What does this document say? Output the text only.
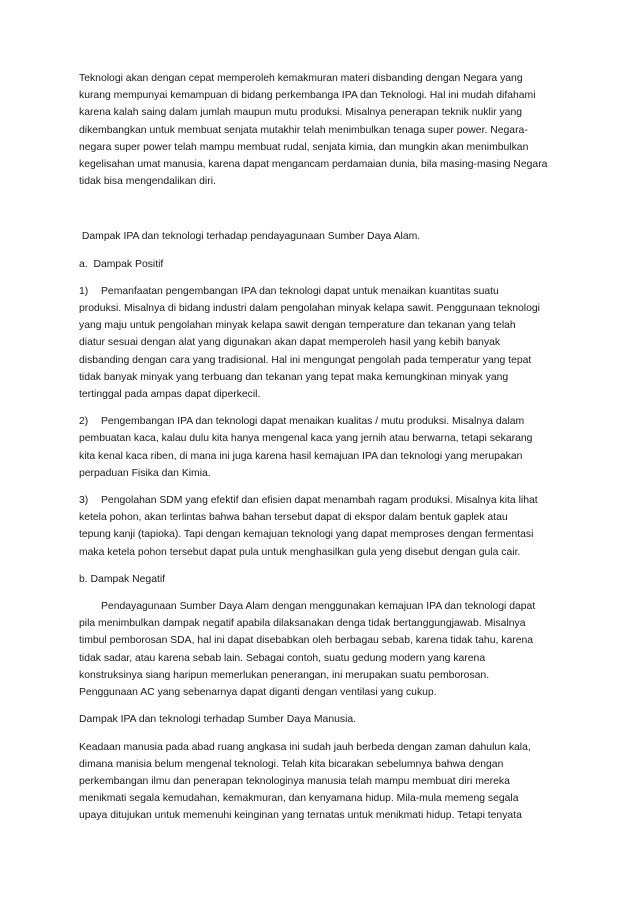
Teknologi akan dengan cepat memperoleh kemakmuran materi disbanding dengan Negara yang
kurang mempunyai kemampuan di bidang perkembanga IPA dan Teknologi. Hal ini mudah difahami
karena kalah saing dalam jumlah maupun mutu produksi. Misalnya penerapan teknik nuklir yang
dikembangkan untuk membuat senjata mutakhir telah menimbulkan tenaga super power. Negara-
negara super power telah mampu membuat rudal, senjata kimia, dan mungkin akan menimbulkan
kegelisahan umat manusia, karena dapat mengancam perdamaian dunia, bila masing-masing Negara
tidak bisa mengendalikan diri.
Dampak IPA dan teknologi terhadap pendayagunaan Sumber Daya Alam.
a.  Dampak Positif
1) Pemanfaatan pengembangan IPA dan teknologi dapat untuk menaikan kuantitas suatu
produksi. Misalnya di bidang industri dalam pengolahan minyak kelapa sawit. Penggunaan teknologi
yang maju untuk pengolahan minyak kelapa sawit dengan temperature dan tekanan yang telah
diatur sesuai dengan alat yang digunakan akan dapat memperoleh hasil yang kebih banyak
disbanding dengan cara yang tradisional. Hal ini mengungat pengolah pada temperatur yang tepat
tidak banyak minyak yang terbuang dan tekanan yang tepat maka kemungkinan minyak yang
tertinggal pada ampas dapat diperkecil.
2) Pengembangan IPA dan teknologi dapat menaikan kualitas / mutu produksi. Misalnya dalam
pembuatan kaca, kalau dulu kita hanya mengenal kaca yang jernih atau berwarna, tetapi sekarang
kita kenal kaca riben, di mana ini juga karena hasil kemajuan IPA dan teknologi yang merupakan
perpaduan Fisika dan Kimia.
3) Pengolahan SDM yang efektif dan efisien dapat menambah ragam produksi. Misalnya kita lihat
ketela pohon, akan terlintas bahwa bahan tersebut dapat di ekspor dalam bentuk gaplek atau
tepung kanji (tapioka). Tapi dengan kemajuan teknologi yang dapat memproses dengan fermentasi
maka ketela pohon tersebut dapat pula untuk menghasilkan gula yeng disebut dengan gula cair.
b. Dampak Negatif
Pendayagunaan Sumber Daya Alam dengan menggunakan kemajuan IPA dan teknologi dapat
pila menimbulkan dampak negatif apabila dilaksanakan denga tidak bertanggungjawab. Misalnya
timbul pemborosan SDA, hal ini dapat disebabkan oleh berbagau sebab, karena tidak tahu, karena
tidak sadar, atau karena sebab lain. Sebagai contoh, suatu gedung modern yang karena
konstruksinya siang haripun memerlukan penerangan, ini merupakan suatu pemborosan.
Penggunaan AC yang sebenarnya dapat diganti dengan ventilasi yang cukup.
Dampak IPA dan teknologi terhadap Sumber Daya Manusia.
Keadaan manusia pada abad ruang angkasa ini sudah jauh berbeda dengan zaman dahulun kala,
dimana manisia belum mengenal teknologi. Telah kita bicarakan sebelumnya bahwa dengan
perkembangan ilmu dan penerapan teknologinya manusia telah mampu membuat diri mereka
menikmati segala kemudahan, kemakmuran, dan kenyamana hidup. Mila-mula memeng segala
upaya ditujukan untuk memenuhi keinginan yang ternatas untuk menikmati hidup. Tetapi tenyata
